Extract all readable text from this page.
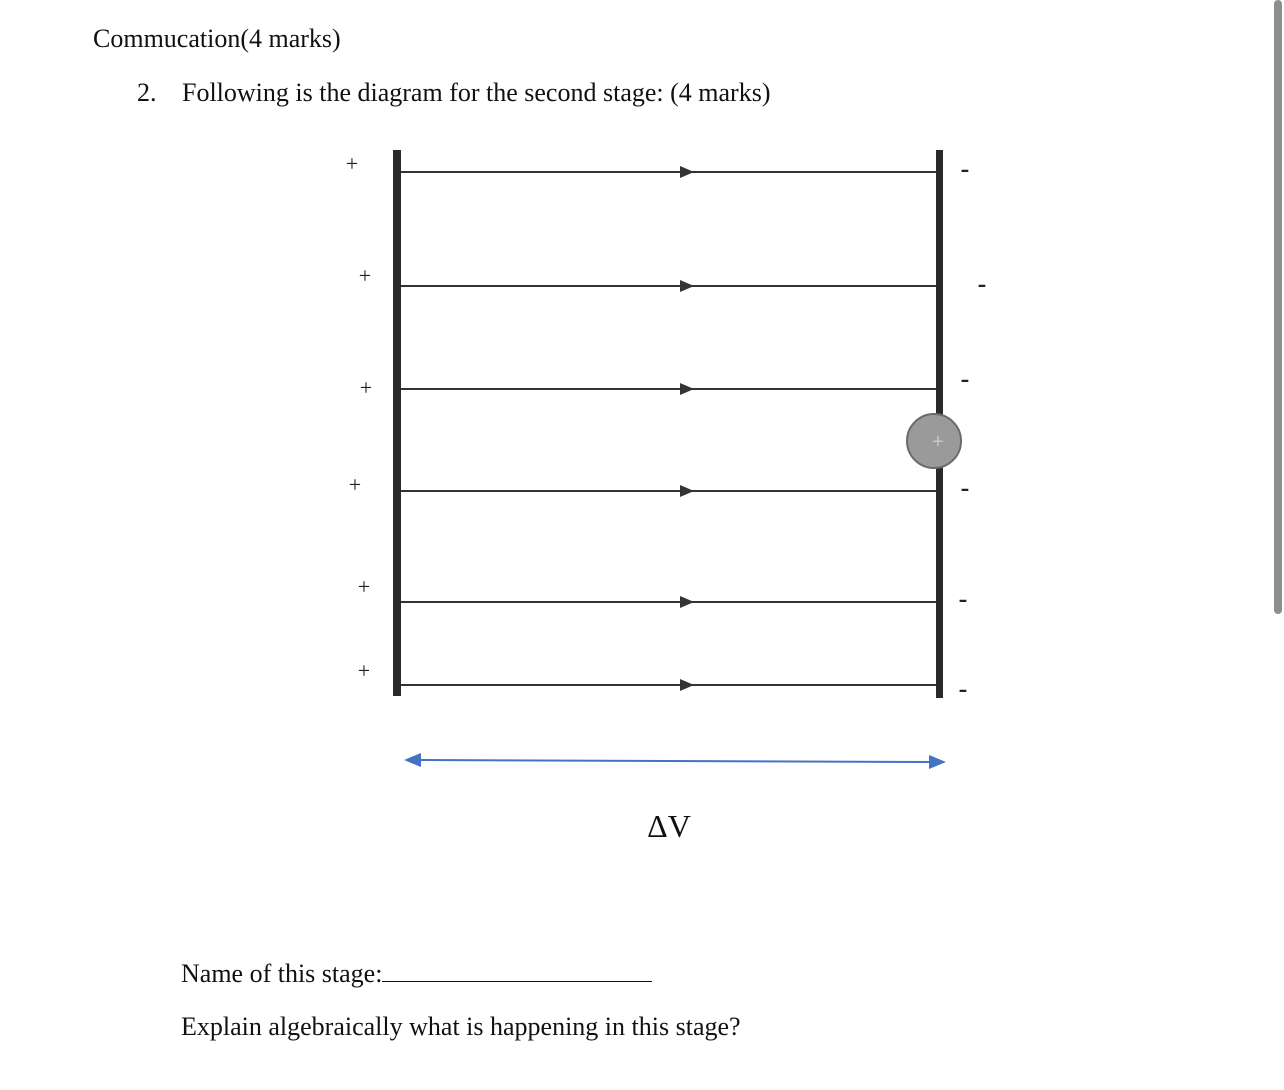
Commucation(4 marks)
2. Following is the diagram for the second stage: (4 marks)
+
+
+
+
+
+
-
-
-
-
-
-
+
ΔV
Name of this stage:
Explain algebraically what is happening in this stage?
